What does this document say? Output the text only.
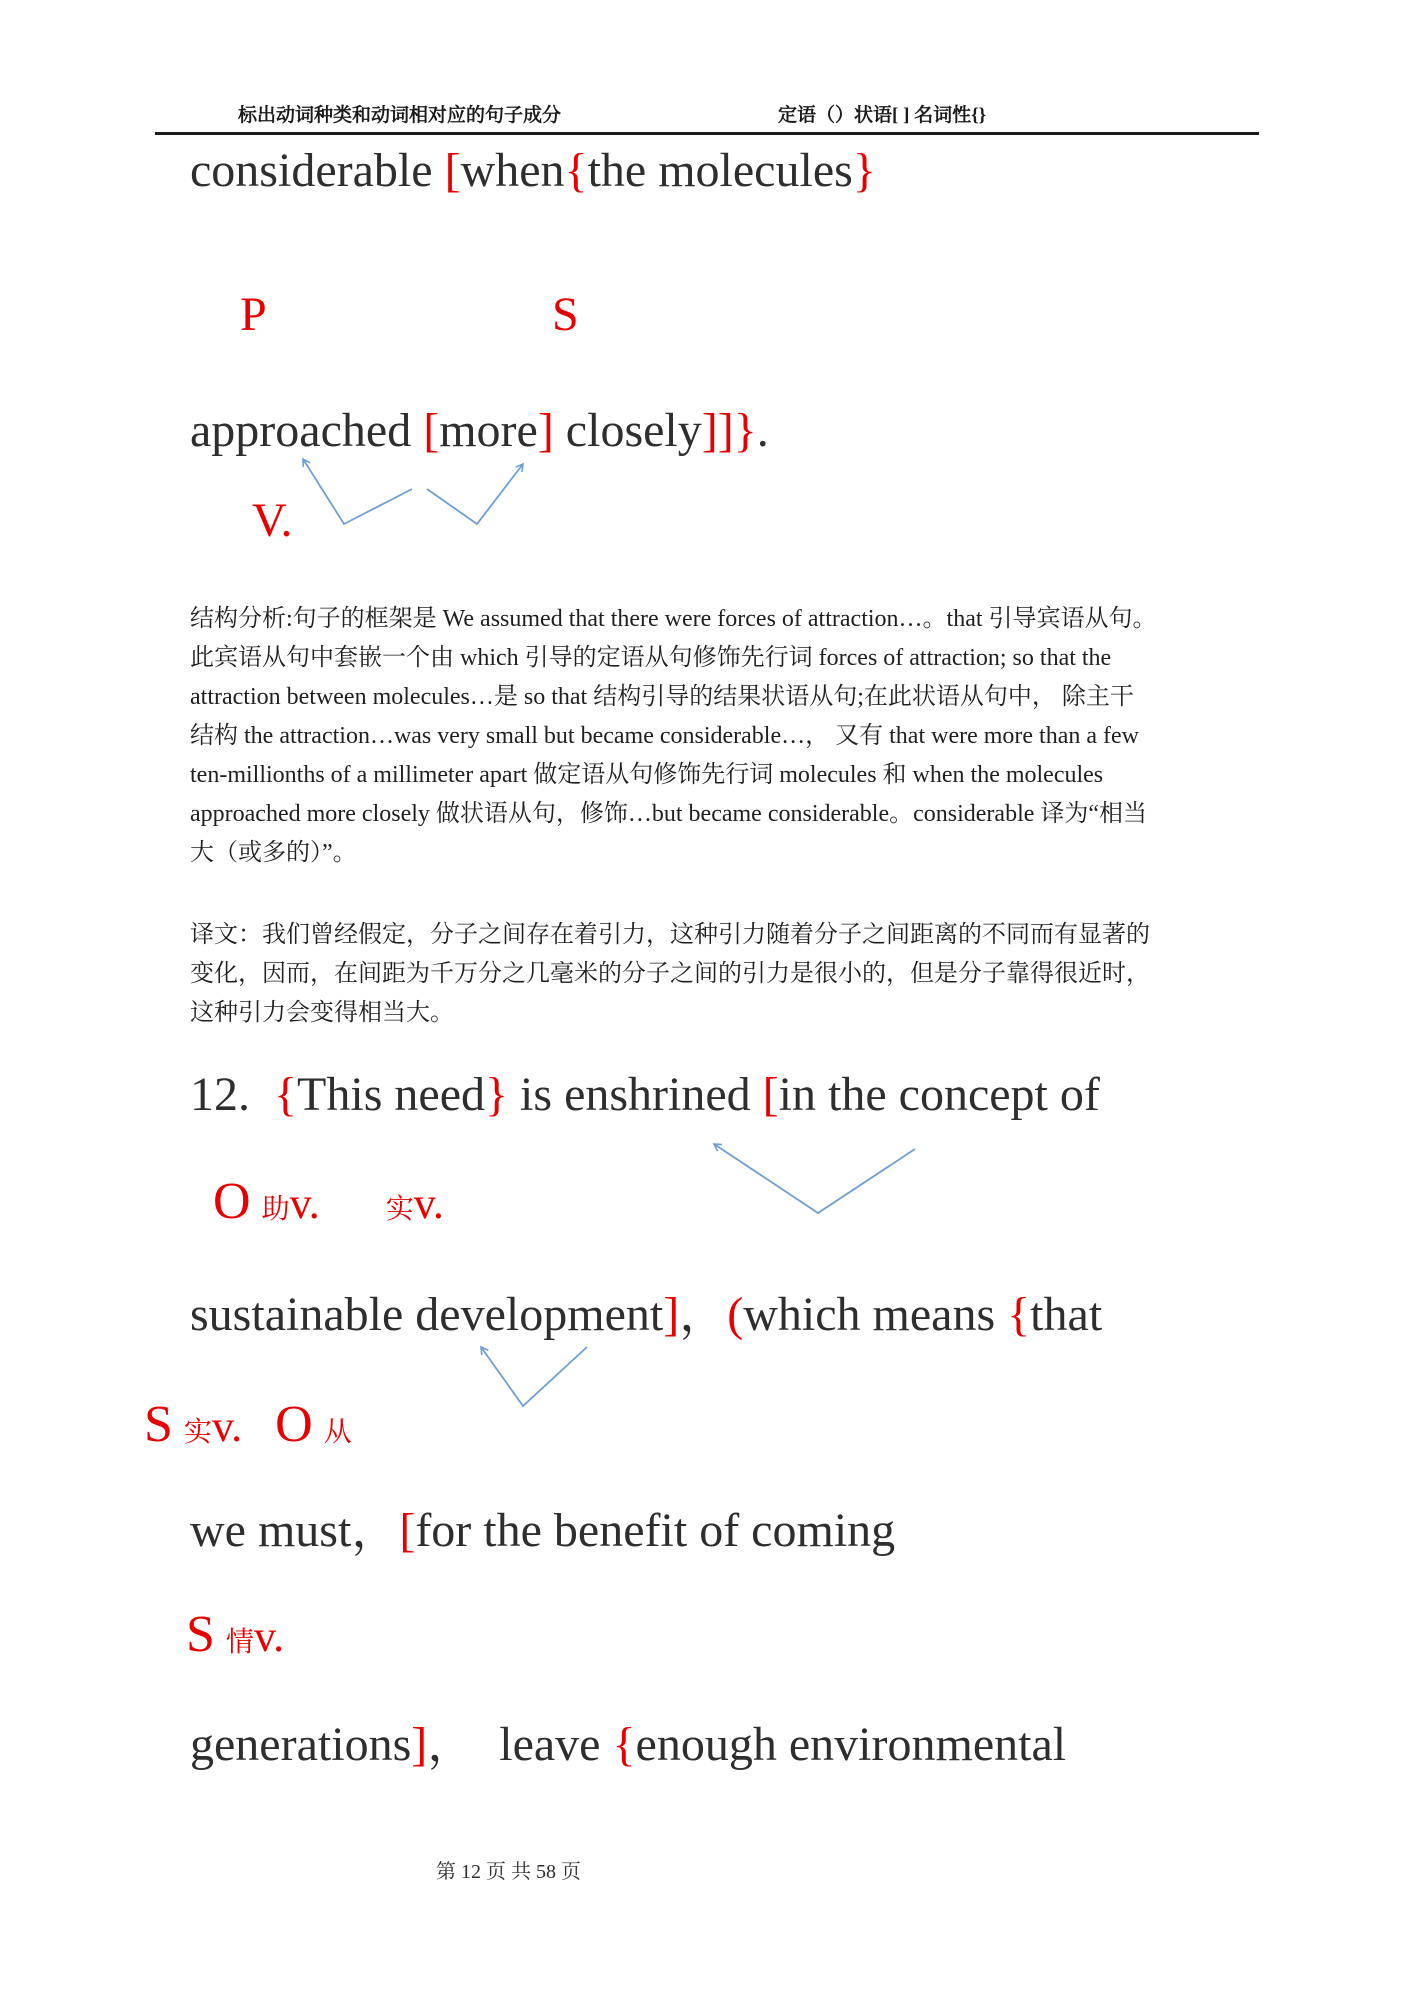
标出动词种类和动词相对应的句子成分	定语（）状语[ ] 名词性{}
considerable [when{the molecules}
P	S
approached [more] closely]]}.
V.
结构分析:句子的框架是 We assumed that there were forces of attraction…。that 引导宾语从句。
此宾语从句中套嵌一个由 which 引导的定语从句修饰先行词 forces of attraction; so that the
attraction between molecules…是 so that 结构引导的结果状语从句;在此状语从句中， 除主干
结构 the attraction…was very small but became considerable…， 又有 that were more than a few
ten-millionths of a millimeter apart 做定语从句修饰先行词 molecules 和 when the molecules
approached more closely 做状语从句，修饰…but became considerable。considerable 译为“相当
大（或多的）”。
译文：我们曾经假定，分子之间存在着引力，这种引力随着分子之间距离的不同而有显著的
变化，因而，在间距为千万分之几毫米的分子之间的引力是很小的，但是分子靠得很近时，
这种引力会变得相当大。
12.  {This need} is enshrined [in the concept of
O 助v. 实v.
sustainable development]，(which means {that
S 实v. O 从
we must，[for the benefit of coming
S 情v.
generations]，  leave {enough environmental
第 12 页 共 58 页
